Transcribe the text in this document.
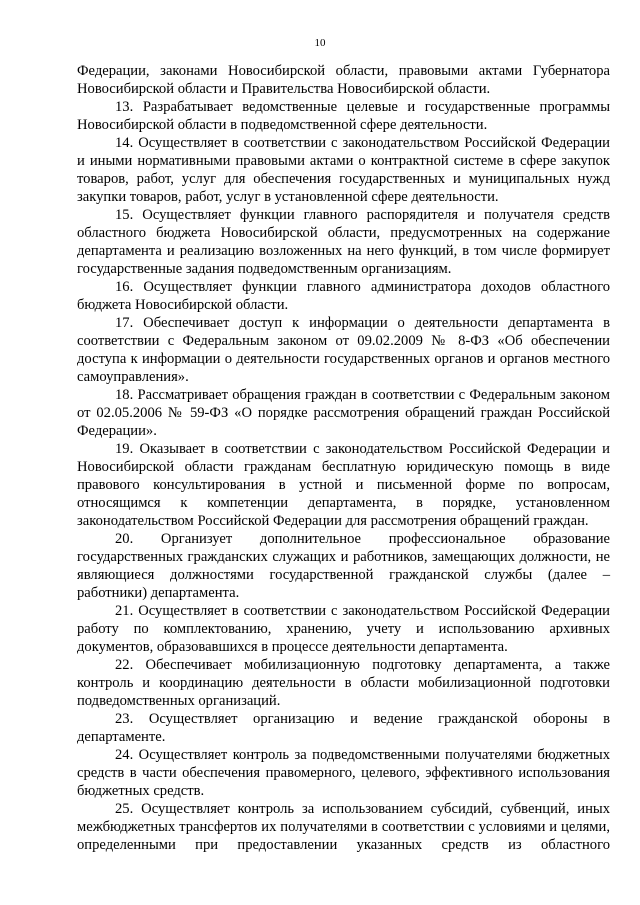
10

Федерации, законами Новосибирской области, правовыми актами Губернатора Новосибирской области и Правительства Новосибирской области.

13. Разрабатывает ведомственные целевые и государственные программы Новосибирской области в подведомственной сфере деятельности.

14. Осуществляет в соответствии с законодательством Российской Федерации и иными нормативными правовыми актами о контрактной системе в сфере закупок товаров, работ, услуг для обеспечения государственных и муниципальных нужд закупки товаров, работ, услуг в установленной сфере деятельности.

15. Осуществляет функции главного распорядителя и получателя средств областного бюджета Новосибирской области, предусмотренных на содержание департамента и реализацию возложенных на него функций, в том числе формирует государственные задания подведомственным организациям.

16. Осуществляет функции главного администратора доходов областного бюджета Новосибирской области.

17. Обеспечивает доступ к информации о деятельности департамента в соответствии с Федеральным законом от 09.02.2009 № 8-ФЗ «Об обеспечении доступа к информации о деятельности государственных органов и органов местного самоуправления».

18. Рассматривает обращения граждан в соответствии с Федеральным законом от 02.05.2006 № 59-ФЗ «О порядке рассмотрения обращений граждан Российской Федерации».

19. Оказывает в соответствии с законодательством Российской Федерации и Новосибирской области гражданам бесплатную юридическую помощь в виде правового консультирования в устной и письменной форме по вопросам, относящимся к компетенции департамента, в порядке, установленном законодательством Российской Федерации для рассмотрения обращений граждан.

20. Организует дополнительное профессиональное образование государственных гражданских служащих и работников, замещающих должности, не являющиеся должностями государственной гражданской службы (далее – работники) департамента.

21. Осуществляет в соответствии с законодательством Российской Федерации работу по комплектованию, хранению, учету и использованию архивных документов, образовавшихся в процессе деятельности департамента.

22. Обеспечивает мобилизационную подготовку департамента, а также контроль и координацию деятельности в области мобилизационной подготовки подведомственных организаций.

23. Осуществляет организацию и ведение гражданской обороны в департаменте.

24. Осуществляет контроль за подведомственными получателями бюджетных средств в части обеспечения правомерного, целевого, эффективного использования бюджетных средств.

25. Осуществляет контроль за использованием субсидий, субвенций, иных межбюджетных трансфертов их получателями в соответствии с условиями и целями, определенными при предоставлении указанных средств из областного
